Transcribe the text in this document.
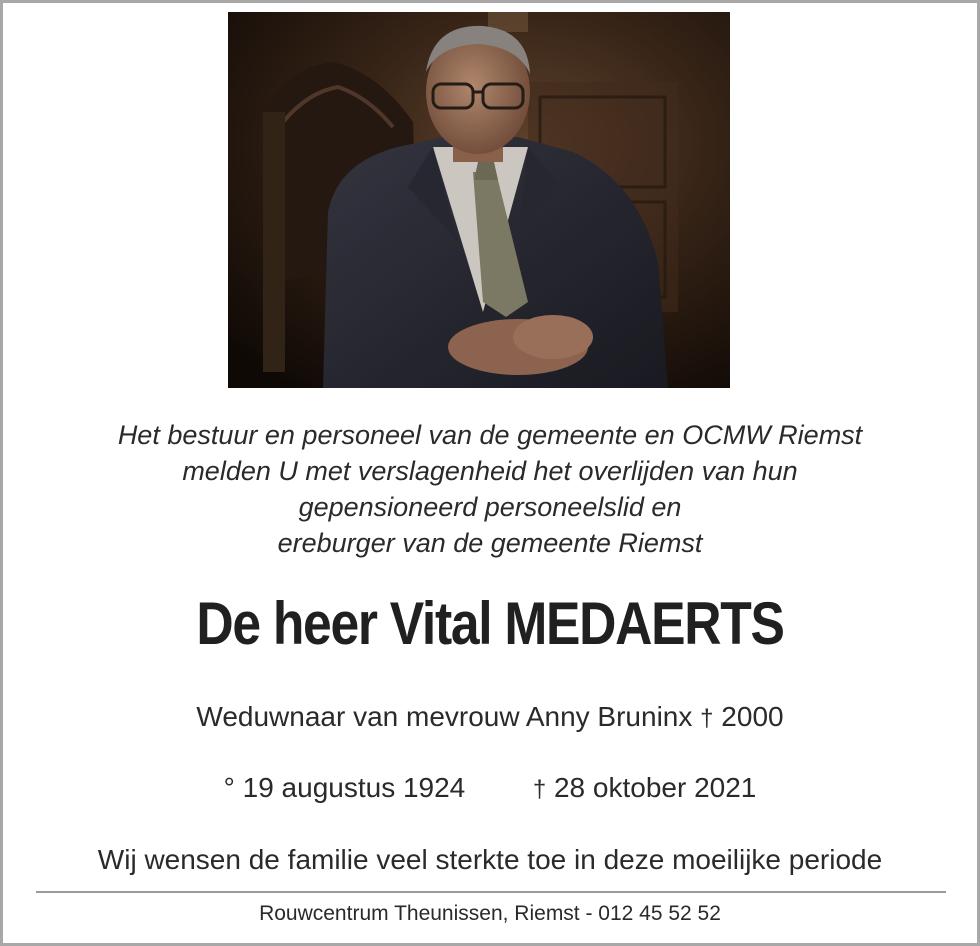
Het bestuur en personeel van de gemeente en OCMW Riemst
melden U met verslagenheid het overlijden van hun
gepensioneerd personeelslid en
ereburger van de gemeente Riemst
De heer Vital MEDAERTS
Weduwnaar van mevrouw Anny Bruninx † 2000
° 19 augustus 1924	† 28 oktober 2021
Wij wensen de familie veel sterkte toe in deze moeilijke periode
Rouwcentrum Theunissen, Riemst - 012 45 52 52
